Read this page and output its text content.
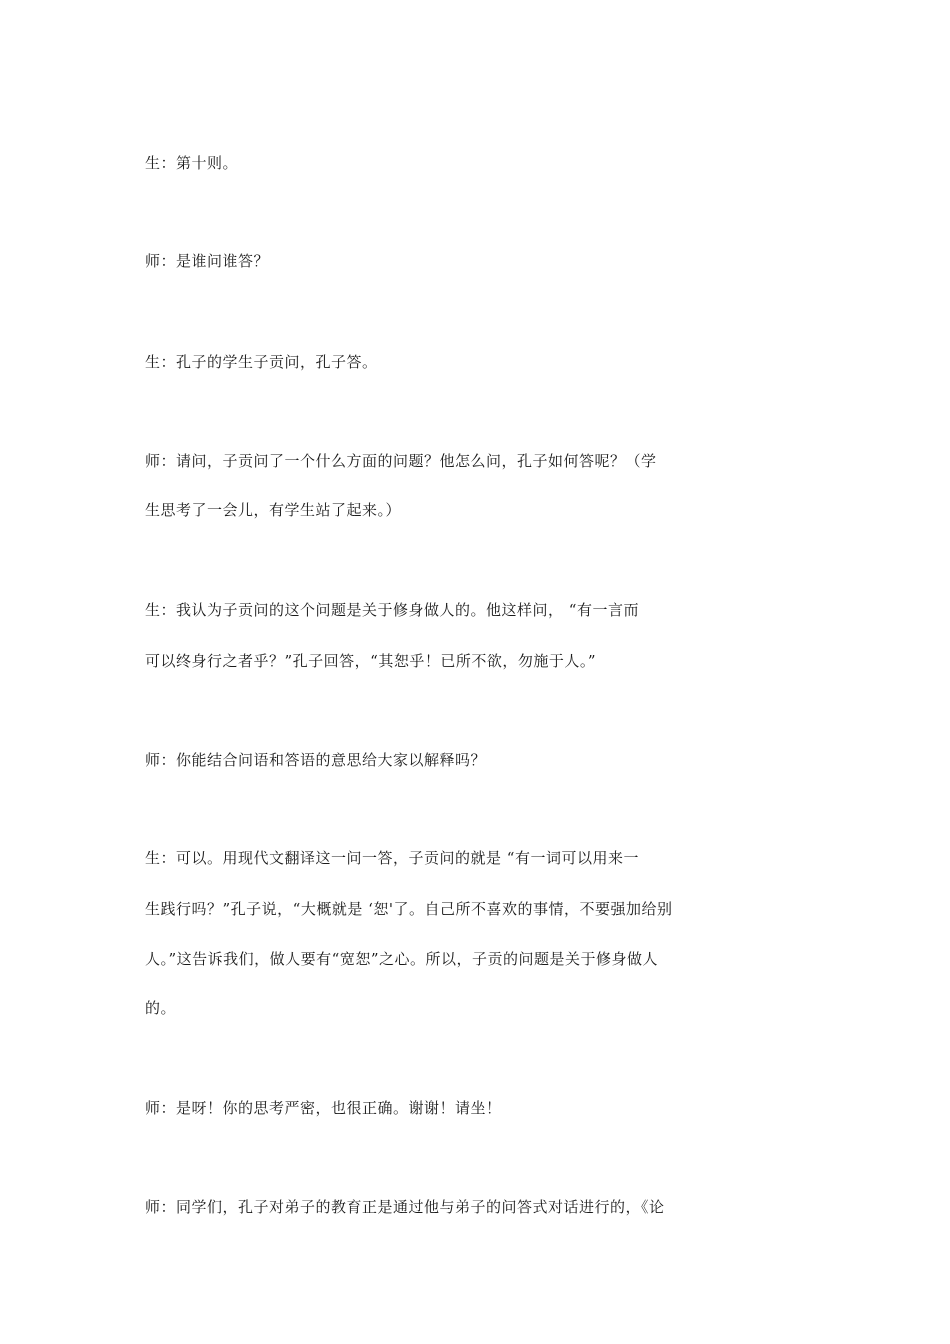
生：第十则。
师：是谁问谁答？
生：孔子的学生子贡问，孔子答。
师：请问，子贡问了一个什么方面的问题？他怎么问，孔子如何答呢？（学
生思考了一会儿，有学生站了起来。）
生：我认为子贡问的这个问题是关于修身做人的。他这样问， “有一言而
可以终身行之者乎？”孔子回答，“其恕乎！已所不欲，勿施于人。”
师：你能结合问语和答语的意思给大家以解释吗？
生：可以。用现代文翻译这一问一答，子贡问的就是 “有一词可以用来一
生践行吗？”孔子说，“大概就是 ‘恕'了。自己所不喜欢的事情，不要强加给别
人。”这告诉我们，做人要有“宽恕”之心。所以，子贡的问题是关于修身做人
的。
师：是呀！你的思考严密，也很正确。谢谢！请坐！
师：同学们，孔子对弟子的教育正是通过他与弟子的问答式对话进行的，《论
